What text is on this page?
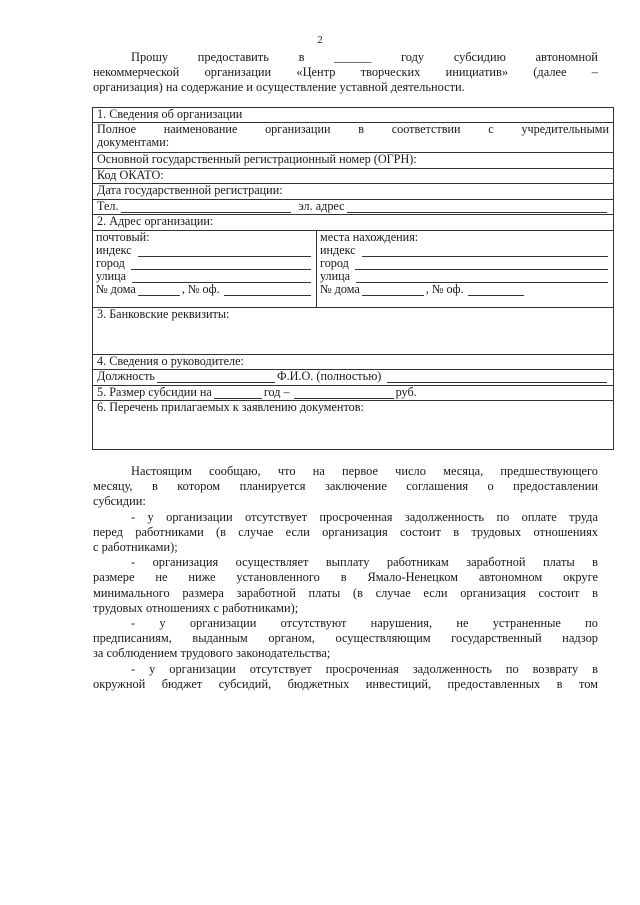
2
Прошу предоставить в ______ году субсидию автономной
некоммерческой организации «Центр творческих инициатив» (далее –
организация) на содержание и осуществление уставной деятельности.
1. Сведения об организации

Полное наименование организации в соответствии с учредительными
документами:

Основной государственный регистрационный номер (ОГРН):
Код ОКАТО:
Дата государственной регистрации:

Тел.	эл. адрес

2. Адрес организации:

почтовый:
индекс
город
улица
№ дома	, № оф.

места нахождения:
индекс
город
улица
№ дома	, № оф.

3. Банковские реквизиты:

4. Сведения о руководителе:

Должность	Ф.И.О. (полностью)

5. Размер субсидии на	год –	руб.

6. Перечень прилагаемых к заявлению документов:

Настоящим сообщаю, что на первое число месяца, предшествующего

месяцу, в котором планируется заключение соглашения о предоставлении

субсидии:

- у организации отсутствует просроченная задолженность по оплате труда

перед работниками (в случае если организация состоит в трудовых отношениях

с работниками);

- организация осуществляет выплату работникам заработной платы в

размере не ниже установленного в Ямало-Ненецком автономном округе

минимального размера заработной платы (в случае если организация состоит в

трудовых отношениях с работниками);

- у организации отсутствуют нарушения, не устраненные по

предписаниям, выданным органом, осуществляющим государственный надзор

за соблюдением трудового законодательства;

- у организации отсутствует просроченная задолженность по возврату в

окружной бюджет субсидий, бюджетных инвестиций, предоставленных в том
